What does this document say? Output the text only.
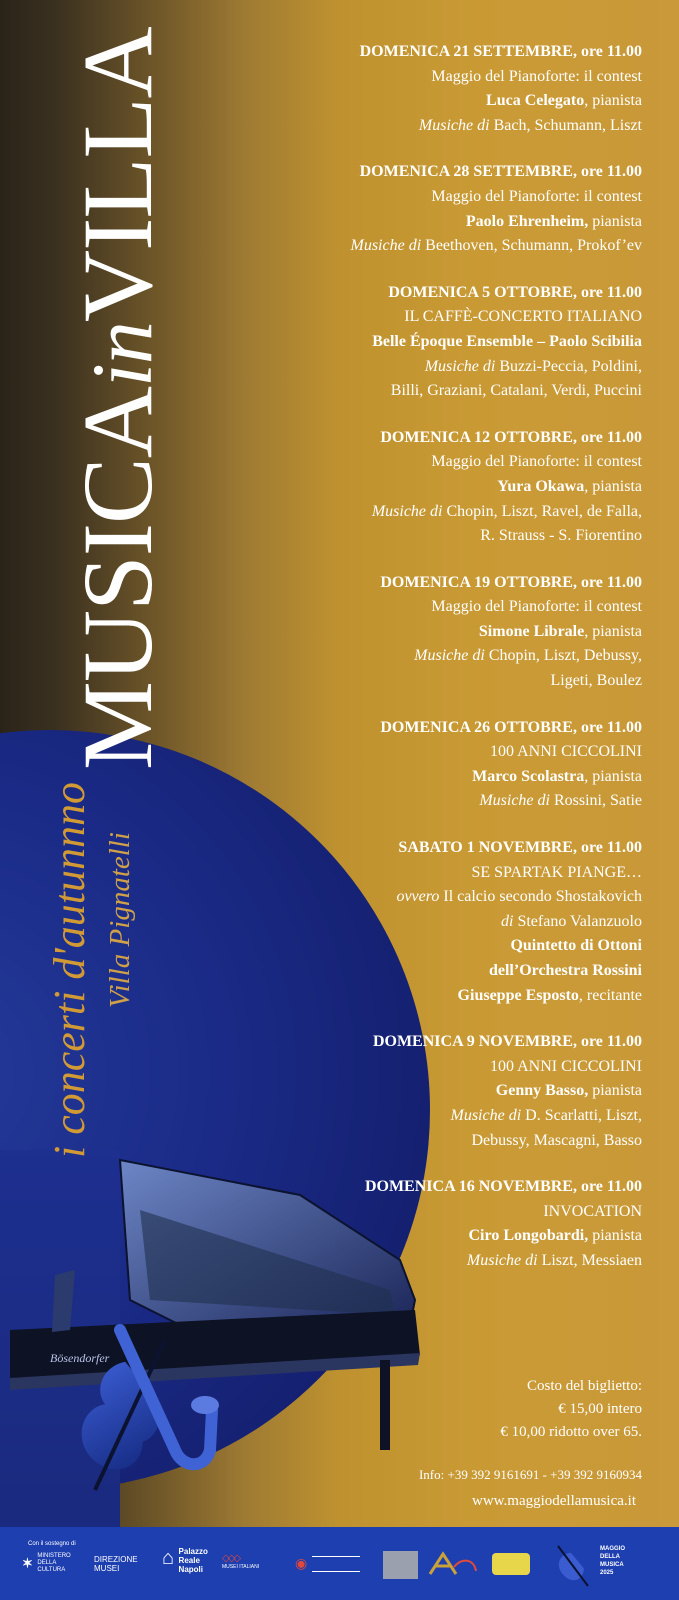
MUSICAinVILLA
i concerti d'autunnno Villa Pignatelli
DOMENICA 21 SETTEMBRE, ore 11.00
Maggio del Pianoforte: il contest
Luca Celegato, pianista
Musiche di Bach, Schumann, Liszt
DOMENICA 28 SETTEMBRE, ore 11.00
Maggio del Pianoforte: il contest
Paolo Ehrenheim, pianista
Musiche di Beethoven, Schumann, Prokof’ev
DOMENICA 5 OTTOBRE, ore 11.00
IL CAFFÈ-CONCERTO ITALIANO
Belle Époque Ensemble – Paolo Scibilia
Musiche di Buzzi-Peccia, Poldini,
Billi, Graziani, Catalani, Verdi, Puccini
DOMENICA 12 OTTOBRE, ore 11.00
Maggio del Pianoforte: il contest
Yura Okawa, pianista
Musiche di Chopin, Liszt, Ravel, de Falla,
R. Strauss - S. Fiorentino
DOMENICA 19 OTTOBRE, ore 11.00
Maggio del Pianoforte: il contest
Simone Librale, pianista
Musiche di Chopin, Liszt, Debussy,
Ligeti, Boulez
DOMENICA 26 OTTOBRE, ore 11.00
100 ANNI CICCOLINI
Marco Scolastra, pianista
Musiche di Rossini, Satie
SABATO 1 NOVEMBRE, ore 11.00
SE SPARTAK PIANGE…
ovvero Il calcio secondo Shostakovich
di Stefano Valanzuolo
Quintetto di Ottoni
dell’Orchestra Rossini
Giuseppe Esposto, recitante
DOMENICA 9 NOVEMBRE, ore 11.00
100 ANNI CICCOLINI
Genny Basso, pianista
Musiche di D. Scarlatti, Liszt,
Debussy, Mascagni, Basso
DOMENICA 16 NOVEMBRE, ore 11.00
INVOCATION
Ciro Longobardi, pianista
Musiche di Liszt, Messiaen
Bösendorfer
Costo del biglietto:
€ 15,00 intero
€ 10,00 ridotto over 65.
Info: +39 392 9161691 - +39 392 9160934
www.maggiodellamusica.it
Con il sostegno di
✶ MINISTERO DELLA CULTURA
DIREZIONE MUSEI	⌂ Palazzo
Reale
Napoli
◇◇◇
MUSEI ITALIANI	◉
MAGGIO
DELLA
MUSICA
2025
